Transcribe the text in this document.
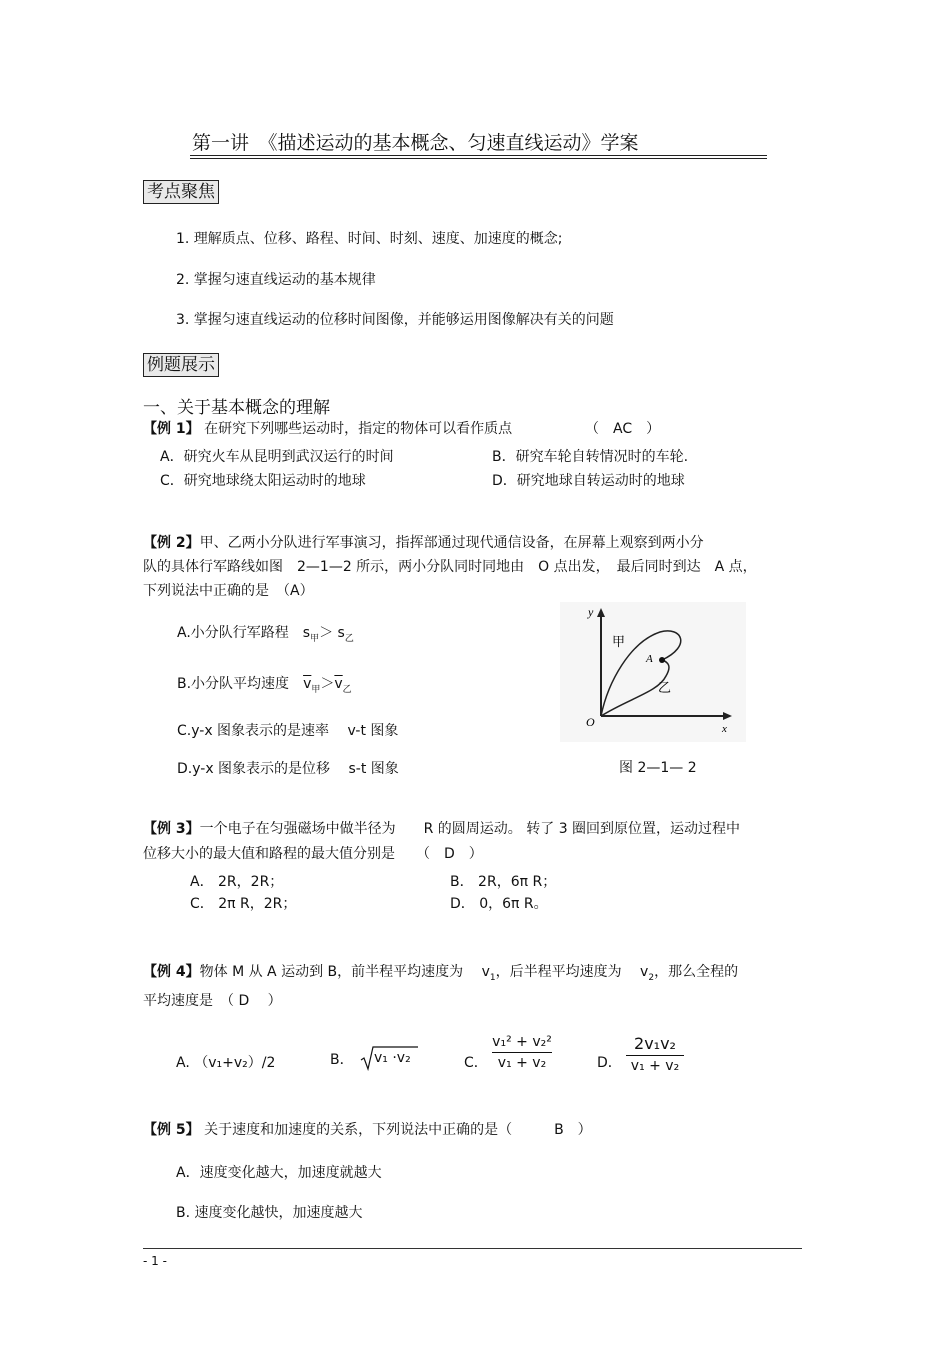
第一讲　《描述运动的基本概念、匀速直线运动》学案
考点聚焦
1. 理解质点、位移、路程、时间、时刻、速度、加速度的概念;
2. 掌握匀速直线运动的基本规律
3. 掌握匀速直线运动的位移时间图像，并能够运用图像解决有关的问题
例题展示
一、关于基本概念的理解
【例 1】 在研究下列哪些运动时，指定的物体可以看作质点	（　AC　）
A．研究火车从昆明到武汉运行的时间	B．研究车轮自转情况时的车轮.
C．研究地球绕太阳运动时的地球	D．研究地球自转运动时的地球
【例 2】甲、乙两小分队进行军事演习，指挥部通过现代通信设备，在屏幕上观察到两小分
队的具体行军路线如图　2—1—2 所示，两小分队同时同地由　O 点出发，　最后同时到达　A 点，
下列说法中正确的是　（A）
A.小分队行军路程　$s_甲> s_乙$
B.小分队平均速度　$\overline{v}_甲>\overline{v}_乙$
C.y-x 图象表示的是速率　 v-t 图象
D.y-x 图象表示的是位移　 s-t 图象
y
x
O
A
甲
乙
图 2—1— 2
【例 3】一个电子在匀强磁场中做半径为　　R 的圆周运动。 转了 3 圈回到原位置，运动过程中
位移大小的最大值和路程的最大值分别是　　（　D　）
A． 2R，2R；	B． 2R，6π R；
C． 2π R，2R；	D． 0，6π R。
【例 4】物体 M 从 A 运动到 B，前半程平均速度为　 $v_1$，后半程平均速度为　 $v_2$，那么全程的
平均速度是　（ D　 ）
A. （v₁+v₂）/2	B． v₁ ·v₂	C．
v₁² + v₂²
v₁ + v₂	D．
2v₁v₂
v₁ + v₂
【例 5】 关于速度和加速度的关系，下列说法中正确的是（　　　B　）
A．速度变化越大，加速度就越大
B. 速度变化越快，加速度越大
- 1 -
